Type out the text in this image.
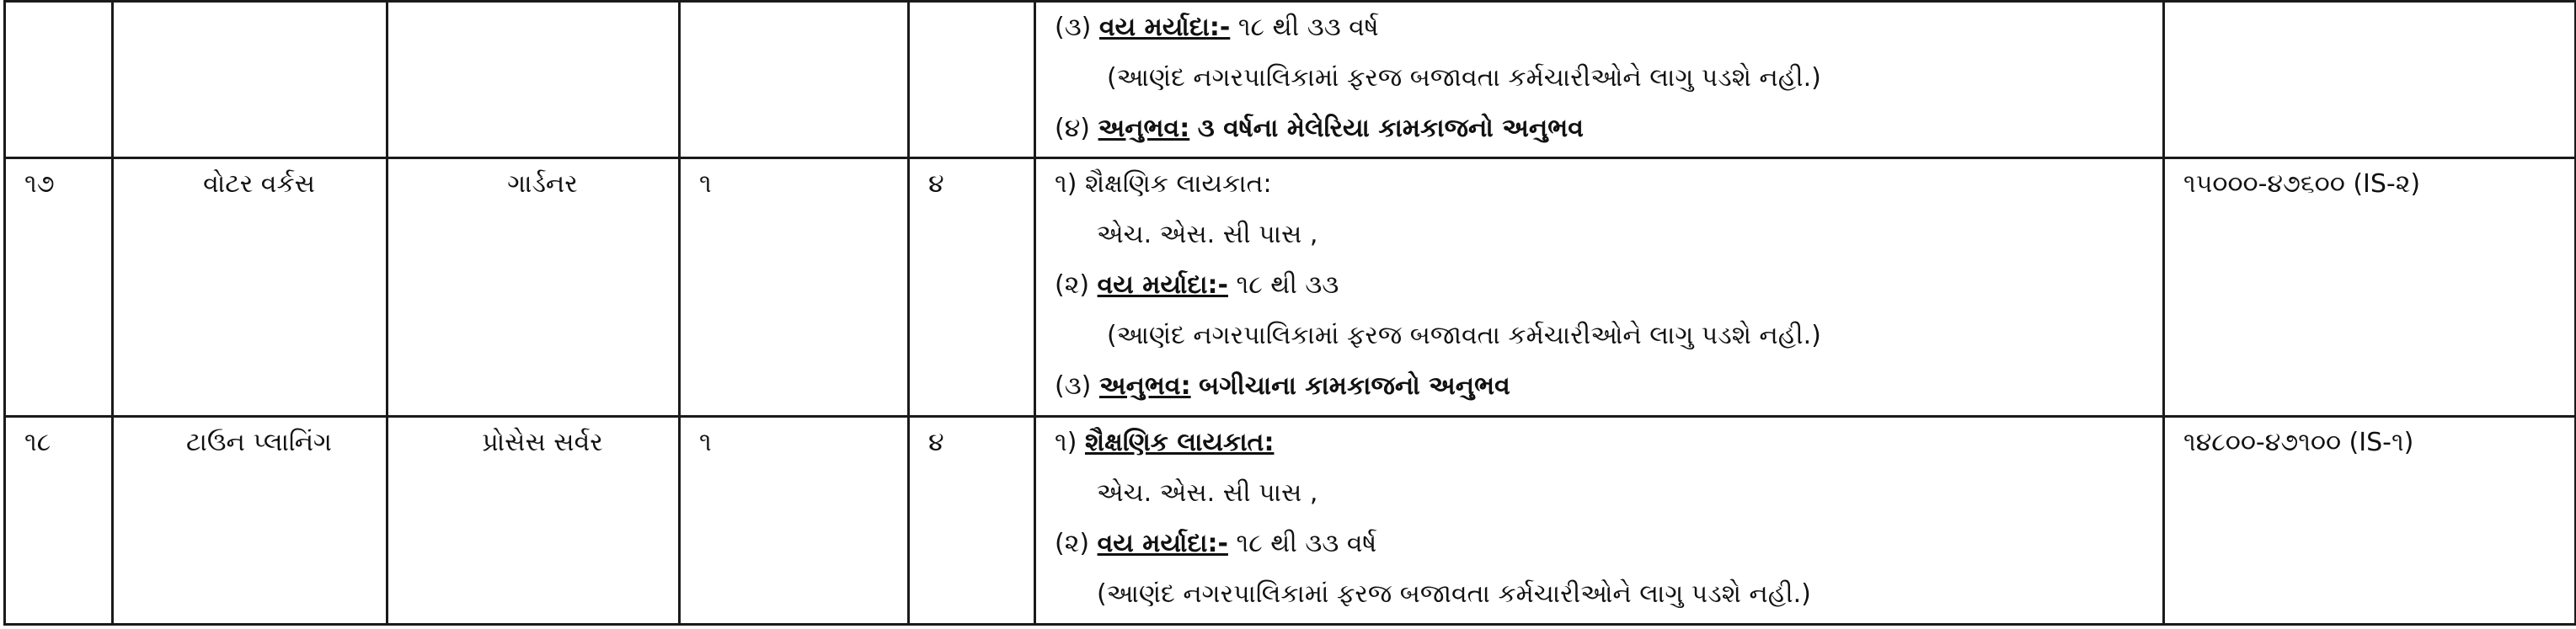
					(૩) વય મર્યાદા:- ૧૮ થી ૩૩ વર્ષ
(આણંદ નગરપાલિકામાં ફરજ બજાવતા કર્મચારીઓને લાગુ પડશે નહી.)
(૪) અનુભવ: ૩ વર્ષના મેલેરિયા કામકાજનો અનુભવ	

૧૭	વોટર વર્કસ	ગાર્ડનર	૧	૪	૧) શૈક્ષણિક લાયકાત:
એચ. એસ. સી પાસ ,
(૨) વય મર્યાદા:- ૧૮ થી ૩૩
(આણંદ નગરપાલિકામાં ફરજ બજાવતા કર્મચારીઓને લાગુ પડશે નહી.)
(૩) અનુભવ: બગીચાના કામકાજનો અનુભવ	૧૫૦૦૦-૪૭૬૦૦ (IS-૨)
૧૮	ટાઉન પ્લાનિંગ	પ્રોસેસ સર્વર	૧	૪	૧) શૈક્ષણિક લાયકાત:
એચ. એસ. સી પાસ ,
(૨) વય મર્યાદા:- ૧૮ થી ૩૩ વર્ષ
(આણંદ નગરપાલિકામાં ફરજ બજાવતા કર્મચારીઓને લાગુ પડશે નહી.)	૧૪૮૦૦-૪૭૧૦૦ (IS-૧)
